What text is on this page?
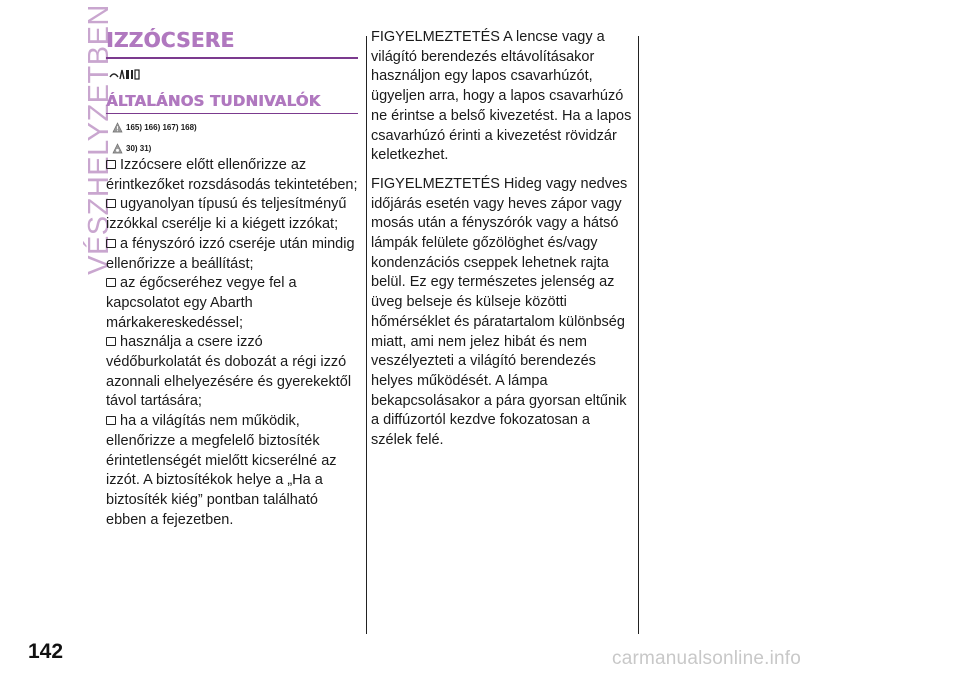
VÉSZHELYZETBEN
IZZÓCSERE
ÁLTALÁNOS TUDNIVALÓK
165) 166) 167) 168)
30) 31)
Izzócsere előtt ellenőrizze az érintkezőket rozsdásodás tekintetében;
ugyanolyan típusú és teljesítményű izzókkal cserélje ki a kiégett izzókat;
a fényszóró izzó cseréje után mindig ellenőrizze a beállítást;
az égőcseréhez vegye fel a kapcsolatot egy Abarth márkakereskedéssel;
használja a csere izzó védőburkolatát és dobozát a régi izzó azonnali elhelyezésére és gyerekektől távol tartására;
ha a világítás nem működik, ellenőrizze a megfelelő biztosíték érintetlenségét mielőtt kicserélné az izzót. A biztosítékok helye a „Ha a biztosíték kiég” pontban található ebben a fejezetben.

FIGYELMEZTETÉS A lencse vagy a világító berendezés eltávolításakor használjon egy lapos csavarhúzót, ügyeljen arra, hogy a lapos csavarhúzó ne érintse a belső kivezetést. Ha a lapos csavarhúzó érinti a kivezetést rövidzár keletkezhet.

FIGYELMEZTETÉS Hideg vagy nedves időjárás esetén vagy heves zápor vagy mosás után a fényszórók vagy a hátsó lámpák felülete gőzölöghet és/vagy kondenzációs cseppek lehetnek rajta belül. Ez egy természetes jelenség az üveg belseje és külseje közötti hőmérséklet és páratartalom különbség miatt, ami nem jelez hibát és nem veszélyezteti a világító berendezés helyes működését. A lámpa bekapcsolásakor a pára gyorsan eltűnik a diffúzortól kezdve fokozatosan a szélek felé.

142	carmanualsonline.info
